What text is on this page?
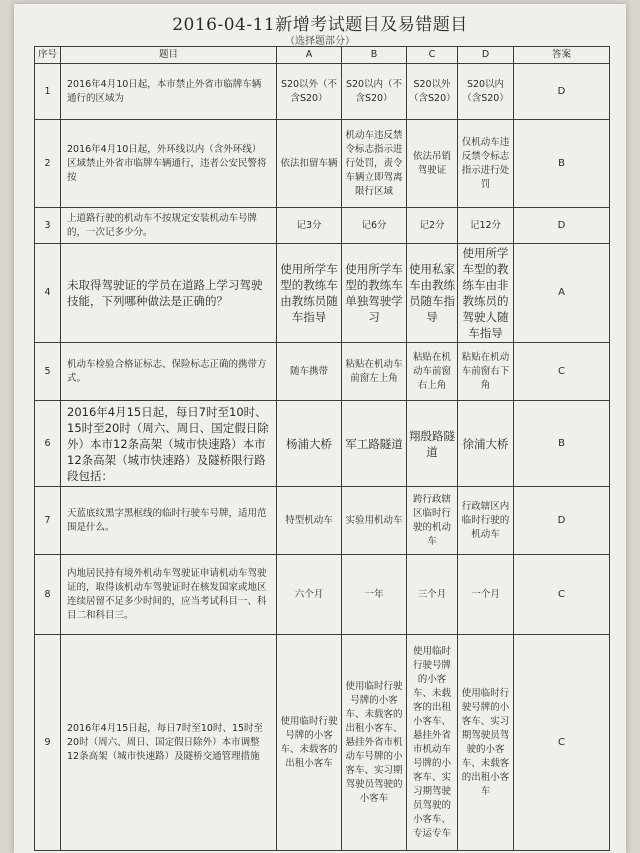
2016-04-11新增考试题目及易错题目
（选择题部分）
序号	题目	A	B	C	D	答案
1	2016年4月10日起，本市禁止外省市临牌车辆通行的区域为	S20以外（不含S20）	S20以内（不含S20）	S20以外（含S20）	S20以内（含S20）	D
2	2016年4月10日起，外环线以内（含外环线）区域禁止外省市临牌车辆通行，违者公安民警将按	依法扣留车辆	机动车违反禁令标志指示进行处罚，责令车辆立即驾离限行区域	依法吊销驾驶证	仅机动车违反禁令标志指示进行处罚	B
3	上道路行驶的机动车不按规定安装机动车号牌的，一次记多少分。	记3分	记6分	记2分	记12分	D
4	未取得驾驶证的学员在道路上学习驾驶技能，下列哪种做法是正确的？	使用所学车型的教练车由教练员随车指导	使用所学车型的教练车单独驾驶学习	使用私家车由教练员随车指导	使用所学车型的教练车由非教练员的驾驶人随车指导	A
5	机动车检验合格证标志、保险标志正确的携带方式。	随车携带	粘贴在机动车前窗左上角	粘贴在机动车前窗右上角	粘贴在机动车前窗右下角	C
6	2016年4月15日起，每日7时至10时、15时至20时（周六、周日、国定假日除外）本市12条高架（城市快速路）本市12条高架（城市快速路）及隧桥限行路段包括：	杨浦大桥	军工路隧道	翔殷路隧道	徐浦大桥	B
7	天蓝底纹黑字黑框线的临时行驶车号牌，适用范围是什么。	特型机动车	实验用机动车	跨行政辖区临时行驶的机动车	行政辖区内临时行驶的机动车	D
8	内地居民持有境外机动车驾驶证申请机动车驾驶证的，取得该机动车驾驶证时在核发国家或地区连续居留不足多少时间的，应当考试科目一、科目二和科目三。	六个月	一年	三个月	一个月	C
9	2016年4月15日起，每日7时至10时、15时至20时（周六、周日、国定假日除外）本市调整12条高架（城市快速路）及隧桥交通管理措施	使用临时行驶号牌的小客车、未载客的出租小客车	使用临时行驶号牌的小客车、未载客的出租小客车、悬挂外省市机动车号牌的小客车、实习期驾驶员驾驶的小客车	使用临时行驶号牌的小客车、未载客的出租小客车、悬挂外省市机动车号牌的小客车、实习期驾驶员驾驶的小客车、专运专车	使用临时行驶号牌的小客车、实习期驾驶员驾驶的小客车、未载客的出租小客车	C
